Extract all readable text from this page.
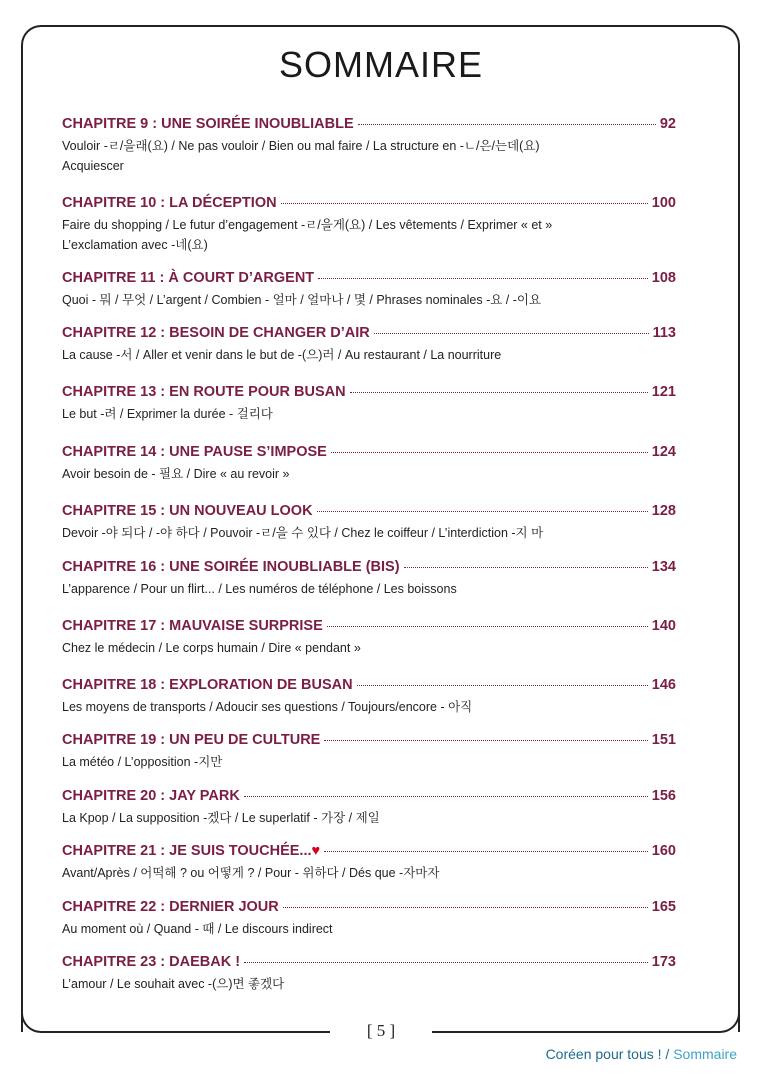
SOMMAIRE
CHAPITRE 9 : UNE SOIRÉE INOUBLIABLE	92
Vouloir -ㄹ/을래(요) / Ne pas vouloir / Bien ou mal faire / La structure en -ㄴ/은/는데(요) Acquiescer
CHAPITRE 10 : LA DÉCEPTION	100
Faire du shopping / Le futur d’engagement -ㄹ/을게(요) / Les vêtements / Exprimer « et » L’exclamation avec -네(요)
CHAPITRE 11 : À COURT D’ARGENT	108
Quoi - 뭐 / 무엇 / L’argent / Combien - 얼마 / 얼마나 / 몇 / Phrases nominales -요 / -이요
CHAPITRE 12 : BESOIN DE CHANGER D’AIR	113
La cause -서 / Aller et venir dans le but de -(으)러 / Au restaurant / La nourriture
CHAPITRE 13 : EN ROUTE POUR BUSAN	121
Le but -려 / Exprimer la durée - 걸리다
CHAPITRE 14 : UNE PAUSE S’IMPOSE	124
Avoir besoin de - 필요 / Dire « au revoir »
CHAPITRE 15 : UN NOUVEAU LOOK	128
Devoir -야 되다 / -야 하다 / Pouvoir -ㄹ/을 수 있다 / Chez le coiffeur / L’interdiction -지 마
CHAPITRE 16 : UNE SOIRÉE INOUBLIABLE (BIS)	134
L’apparence / Pour un flirt... / Les numéros de téléphone / Les boissons
CHAPITRE 17 : MAUVAISE SURPRISE	140
Chez le médecin / Le corps humain / Dire « pendant »
CHAPITRE 18 : EXPLORATION DE BUSAN	146
Les moyens de transports / Adoucir ses questions / Toujours/encore - 아직
CHAPITRE 19 : UN PEU DE CULTURE	151
La météo / L’opposition -지만
CHAPITRE 20 : JAY PARK	156
La Kpop / La supposition -겠다 / Le superlatif - 가장 / 제일
CHAPITRE 21 : JE SUIS TOUCHÉE... ♥	160
Avant/Après / 어떡해 ? ou 어떻게 ? / Pour - 위하다 / Dés que -자마자
CHAPITRE 22 : DERNIER JOUR	165
Au moment où / Quand - 때 / Le discours indirect
CHAPITRE 23 : DAEBAK !	173
L’amour / Le souhait avec -(으)면 좋겠다
[ 5 ]
Coréen pour tous ! / Sommaire
